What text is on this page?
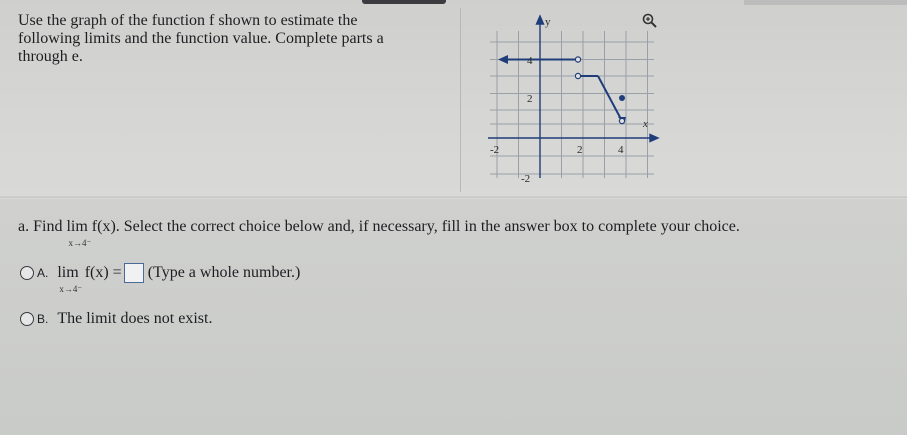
Use the graph of the function f shown to estimate the
following limits and the function value. Complete parts a
through e.
y
x
-2	2	4
4
2
-2
a. Find lim
x→4⁻
f(x). Select the correct choice below and, if necessary, fill in the answer box to complete your choice.
A. lim
x→4⁻
f(x) = (Type a whole number.)
B. The limit does not exist.
